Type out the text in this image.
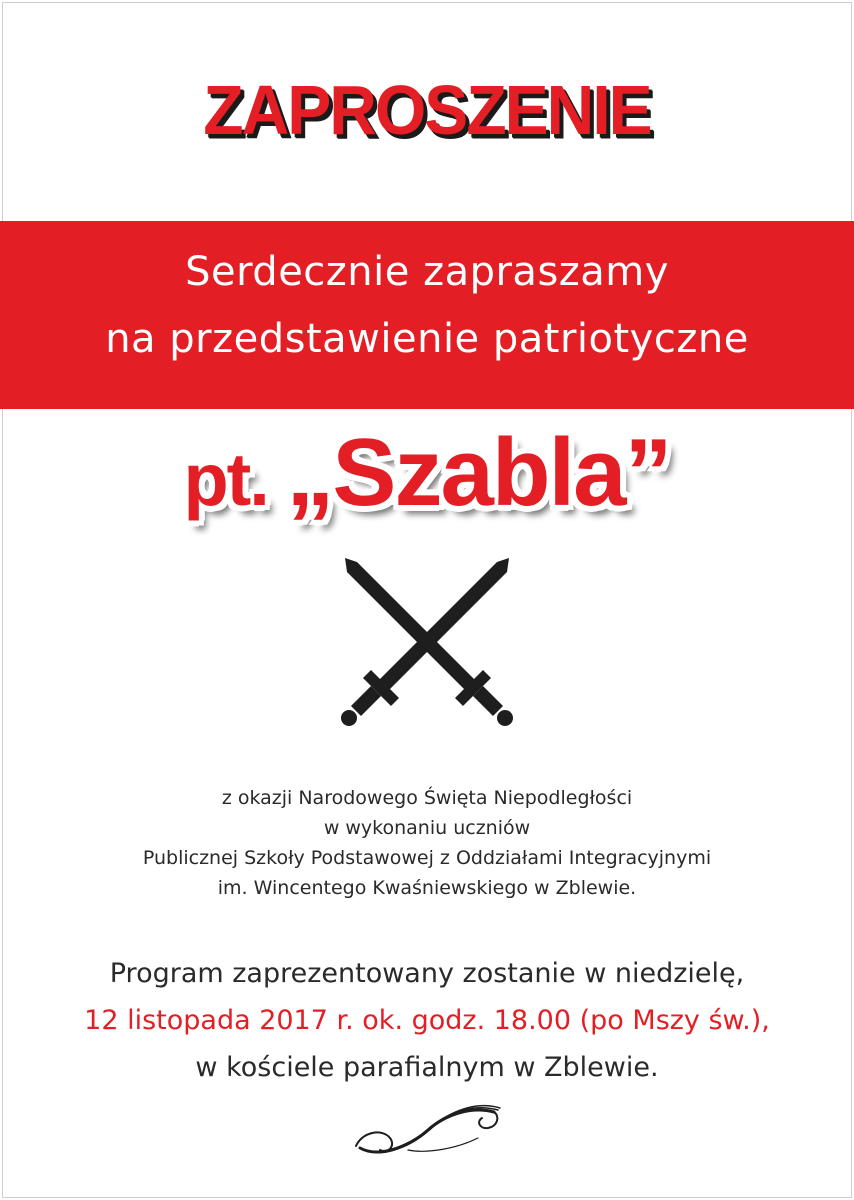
ZAPROSZENIE
Serdecznie zapraszamy
na przedstawienie patriotyczne
pt. „Szabla”
z okazji Narodowego Święta Niepodległości
w wykonaniu uczniów
Publicznej Szkoły Podstawowej z Oddziałami Integracyjnymi
im. Wincentego Kwaśniewskiego w Zblewie.
Program zaprezentowany zostanie w niedzielę,
12 listopada 2017 r. ok. godz. 18.00 (po Mszy św.),
w kościele parafialnym w Zblewie.
